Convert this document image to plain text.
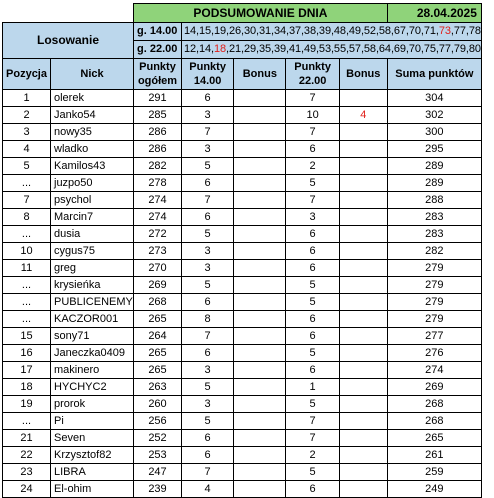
		PODSUMOWANIE DNIA					28.04.2025
Losowanie		g. 14.00	14,15,19,26,30,31,34,37,38,39,48,49,52,58,67,70,71,73,77,78				
		g. 22.00	12,14,18,21,29,35,39,41,49,53,55,57,58,64,69,70,75,77,79,80				
Pozycja	Nick	Punkty ogółem	Punkty 14.00	Bonus	Punkty 22.00	Bonus	Suma punktów
1	olerek	291	6		7		304
2	Janko54	285	3		10	4	302
3	nowy35	286	7		7		300
4	wladko	286	3		6		295
5	Kamilos43	282	5		2		289
...	juzpo50	278	6		5		289
7	psychol	274	7		7		288
8	Marcin7	274	6		3		283
...	dusia	272	5		6		283
10	cygus75	273	3		6		282
11	greg	270	3		6		279
...	krysieńka	269	5		5		279
...	PUBLICENEMY	268	6		5		279
...	KACZOR001	265	8		6		279
15	sony71	264	7		6		277
16	Janeczka0409	265	6		5		276
17	makinero	265	3		6		274
18	HYCHYC2	263	5		1		269
19	prorok	260	3		5		268
...	Pi	256	5		7		268
21	Seven	252	6		7		265
22	Krzysztof82	253	6		2		261
23	LIBRA	247	7		5		259
24	El-ohim	239	4		6		249
